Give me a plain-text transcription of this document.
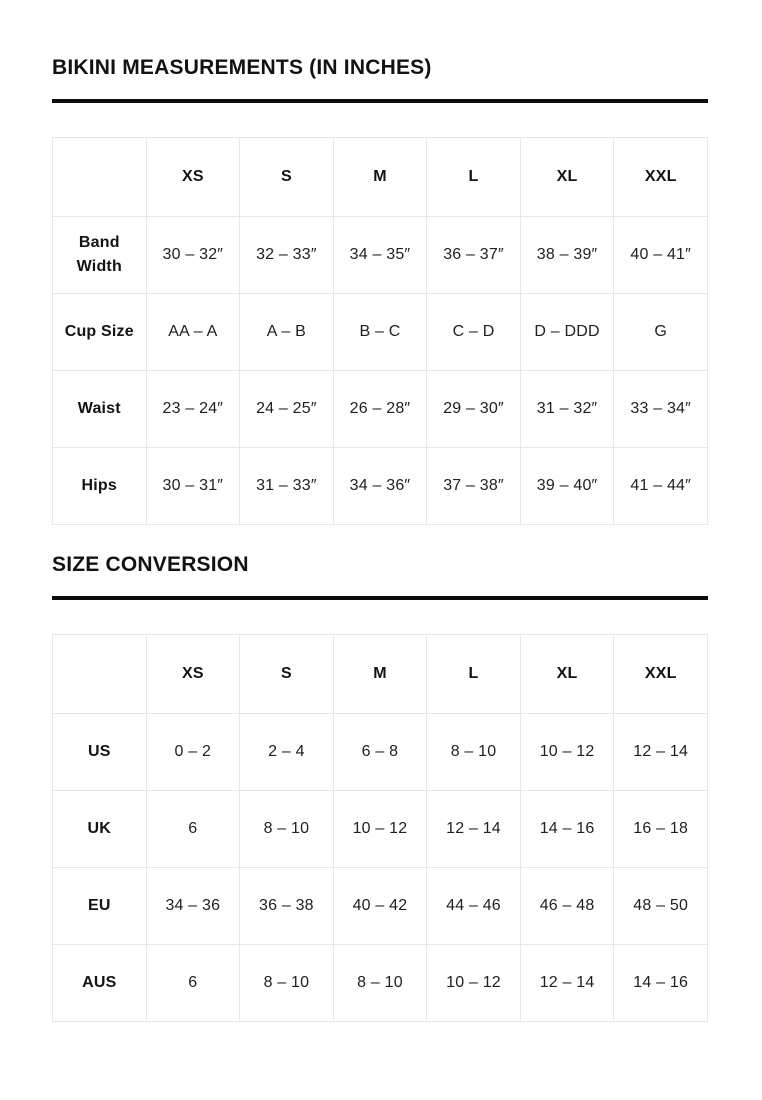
BIKINI MEASUREMENTS (IN INCHES)
	XS	S	M	L	XL	XXL
Band Width	30 – 32″	32 – 33″	34 – 35″	36 – 37″	38 – 39″	40 – 41″
Cup Size	AA – A	A – B	B – C	C – D	D – DDD	G
Waist	23 – 24″	24 – 25″	26 – 28″	29 – 30″	31 – 32″	33 – 34″
Hips	30 – 31″	31 – 33″	34 – 36″	37 – 38″	39 – 40″	41 – 44″
SIZE CONVERSION
	XS	S	M	L	XL	XXL
US	0 – 2	2 – 4	6 – 8	8 – 10	10 – 12	12 – 14
UK	6	8 – 10	10 – 12	12 – 14	14 – 16	16 – 18
EU	34 – 36	36 – 38	40 – 42	44 – 46	46 – 48	48 – 50
AUS	6	8 – 10	8 – 10	10 – 12	12 – 14	14 – 16
